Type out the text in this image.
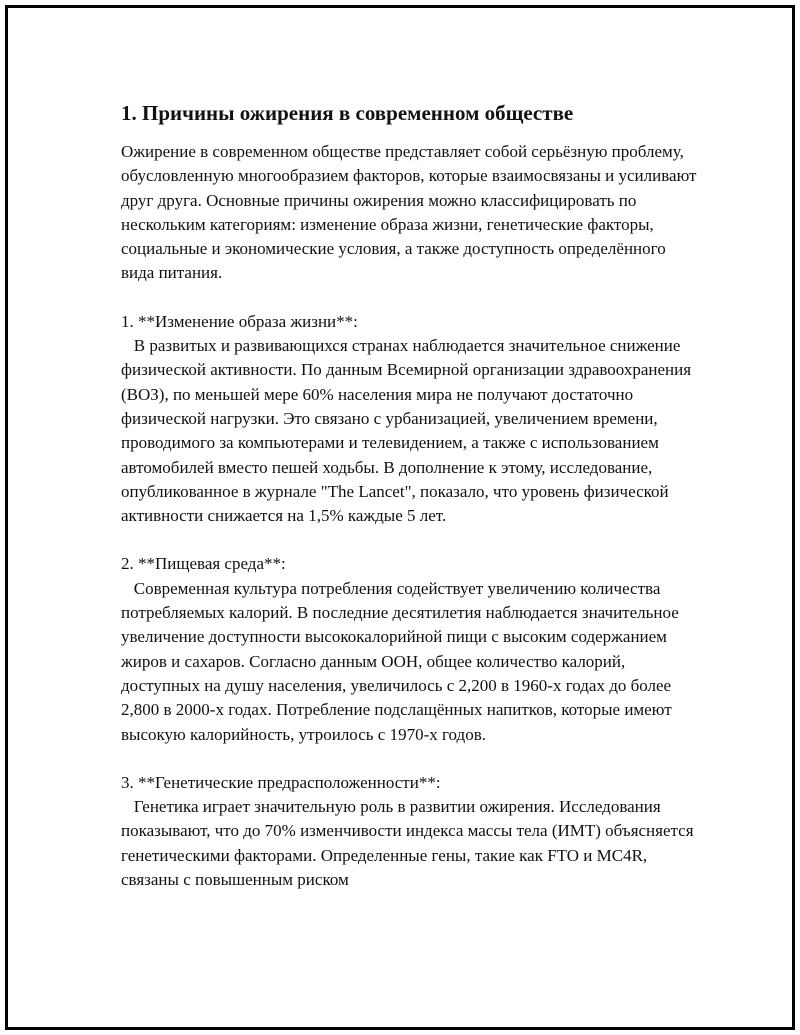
1. Причины ожирения в современном обществе

Ожирение в современном обществе представляет собой серьёзную проблему, обусловленную многообразием факторов, которые взаимосвязаны и усиливают друг друга. Основные причины ожирения можно классифицировать по нескольким категориям: изменение образа жизни, генетические факторы, социальные и экономические условия, а также доступность определённого вида питания.

1. **Изменение образа жизни**:

В развитых и развивающихся странах наблюдается значительное снижение физической активности. По данным Всемирной организации здравоохранения (ВОЗ), по меньшей мере 60% населения мира не получают достаточно физической нагрузки. Это связано с урбанизацией, увеличением времени, проводимого за компьютерами и телевидением, а также с использованием автомобилей вместо пешей ходьбы. В дополнение к этому, исследование, опубликованное в журнале "The Lancet", показало, что уровень физической активности снижается на 1,5% каждые 5 лет.

2. **Пищевая среда**:

Современная культура потребления содействует увеличению количества потребляемых калорий. В последние десятилетия наблюдается значительное увеличение доступности высококалорийной пищи с высоким содержанием жиров и сахаров. Согласно данным ООН, общее количество калорий, доступных на душу населения, увеличилось с 2,200 в 1960-х годах до более 2,800 в 2000-х годах. Потребление подслащённых напитков, которые имеют высокую калорийность, утроилось с 1970-х годов.

3. **Генетические предрасположенности**:

Генетика играет значительную роль в развитии ожирения. Исследования показывают, что до 70% изменчивости индекса массы тела (ИМТ) объясняется генетическими факторами. Определенные гены, такие как FTO и MC4R, связаны с повышенным риском
